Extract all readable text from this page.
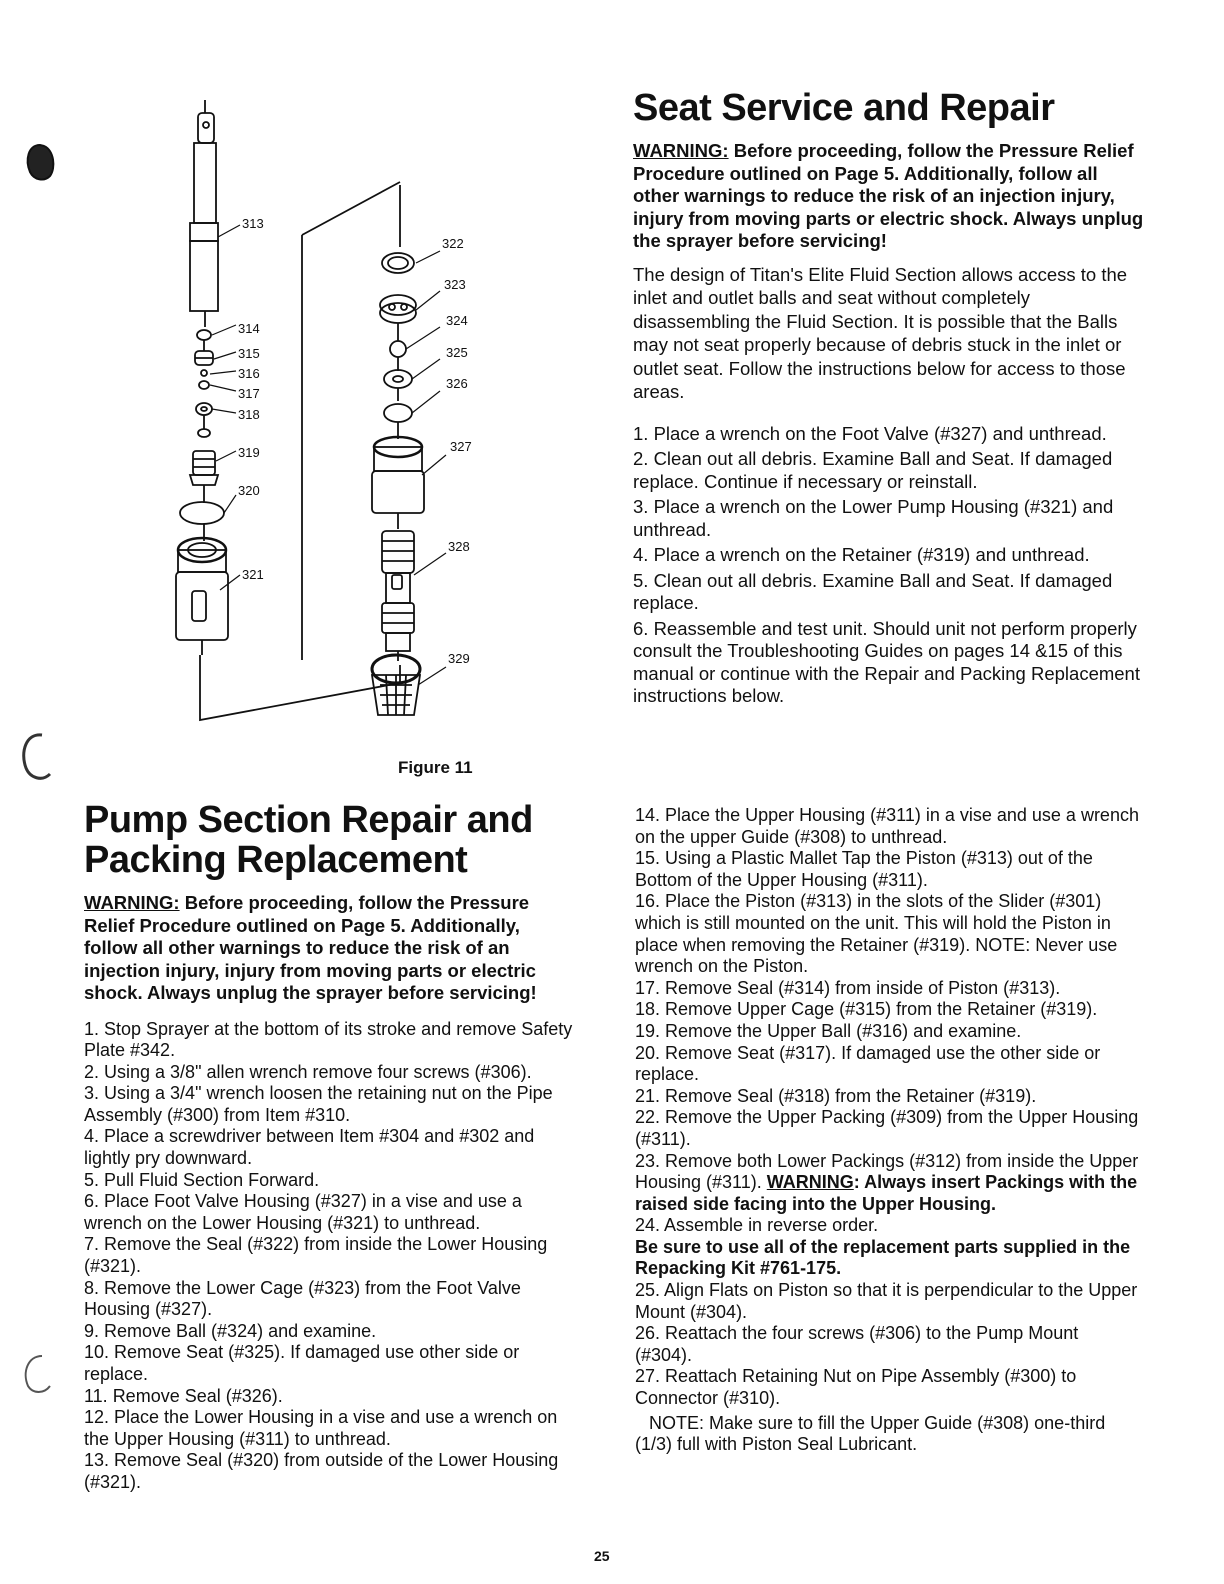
313
314
315
316
317
318
319
320
321
322
323
324
325
326
327
328
329
Figure 11
Seat Service and Repair

WARNING: Before proceeding, follow the Pressure Relief Procedure outlined on Page 5. Additionally, follow all other warnings to reduce the risk of an injection injury, injury from moving parts or electric shock. Always unplug the sprayer before servicing!

The design of Titan's Elite Fluid Section allows access to the inlet and outlet balls and seat without completely disassembling the Fluid Section. It is possible that the Balls may not seat properly because of debris stuck in the inlet or outlet seat. Follow the instructions below for access to those areas.

1. Place a wrench on the Foot Valve (#327) and unthread.
2. Clean out all debris. Examine Ball and Seat. If damaged replace. Continue if necessary or reinstall.
3. Place a wrench on the Lower Pump Housing (#321) and unthread.
4. Place a wrench on the Retainer (#319) and unthread.
5. Clean out all debris. Examine Ball and Seat. If damaged replace.
6. Reassemble and test unit. Should unit not perform properly consult the Troubleshooting Guides on pages 14 &15 of this manual or continue with the Repair and Packing Replacement instructions below.
Pump Section Repair and
Packing Replacement

WARNING: Before proceeding, follow the Pressure Relief Procedure outlined on Page 5. Additionally, follow all other warnings to reduce the risk of an injection injury, injury from moving parts or electric shock. Always unplug the sprayer before servicing!

1. Stop Sprayer at the bottom of its stroke and remove Safety Plate #342.
2. Using a 3/8" allen wrench remove four screws (#306).
3. Using a 3/4" wrench loosen the retaining nut on the Pipe Assembly (#300) from Item #310.
4. Place a screwdriver between Item #304 and #302 and lightly pry downward.
5. Pull Fluid Section Forward.
6. Place Foot Valve Housing (#327) in a vise and use a wrench on the Lower Housing (#321) to unthread.
7. Remove the Seal (#322) from inside the Lower Housing (#321).
8. Remove the Lower Cage (#323) from the Foot Valve Housing (#327).
9. Remove Ball (#324) and examine.
10. Remove Seat (#325). If damaged use other side or replace.
11. Remove Seal (#326).
12. Place the Lower Housing in a vise and use a wrench on the Upper Housing (#311) to unthread.
13. Remove Seal (#320) from outside of the Lower Housing (#321).
14. Place the Upper Housing (#311) in a vise and use a wrench on the upper Guide (#308) to unthread.
15. Using a Plastic Mallet Tap the Piston (#313) out of the Bottom of the Upper Housing (#311).
16. Place the Piston (#313) in the slots of the Slider (#301) which is still mounted on the unit. This will hold the Piston in place when removing the Retainer (#319). NOTE: Never use wrench on the Piston.
17. Remove Seal (#314) from inside of Piston (#313).
18. Remove Upper Cage (#315) from the Retainer (#319).
19. Remove the Upper Ball (#316) and examine.
20. Remove Seat (#317). If damaged use the other side or replace.
21. Remove Seal (#318) from the Retainer (#319).
22. Remove the Upper Packing (#309) from the Upper Housing (#311).
23. Remove both Lower Packings (#312) from inside the Upper Housing (#311). WARNING: Always insert Packings with the raised side facing into the Upper Housing.
24. Assemble in reverse order.
Be sure to use all of the replacement parts supplied in the Repacking Kit #761-175.
25. Align Flats on Piston so that it is perpendicular to the Upper Mount (#304).
26. Reattach the four screws (#306) to the Pump Mount (#304).
27. Reattach Retaining Nut on Pipe Assembly (#300) to Connector (#310).
NOTE: Make sure to fill the Upper Guide (#308) one-third (1/3) full with Piston Seal Lubricant.
25
